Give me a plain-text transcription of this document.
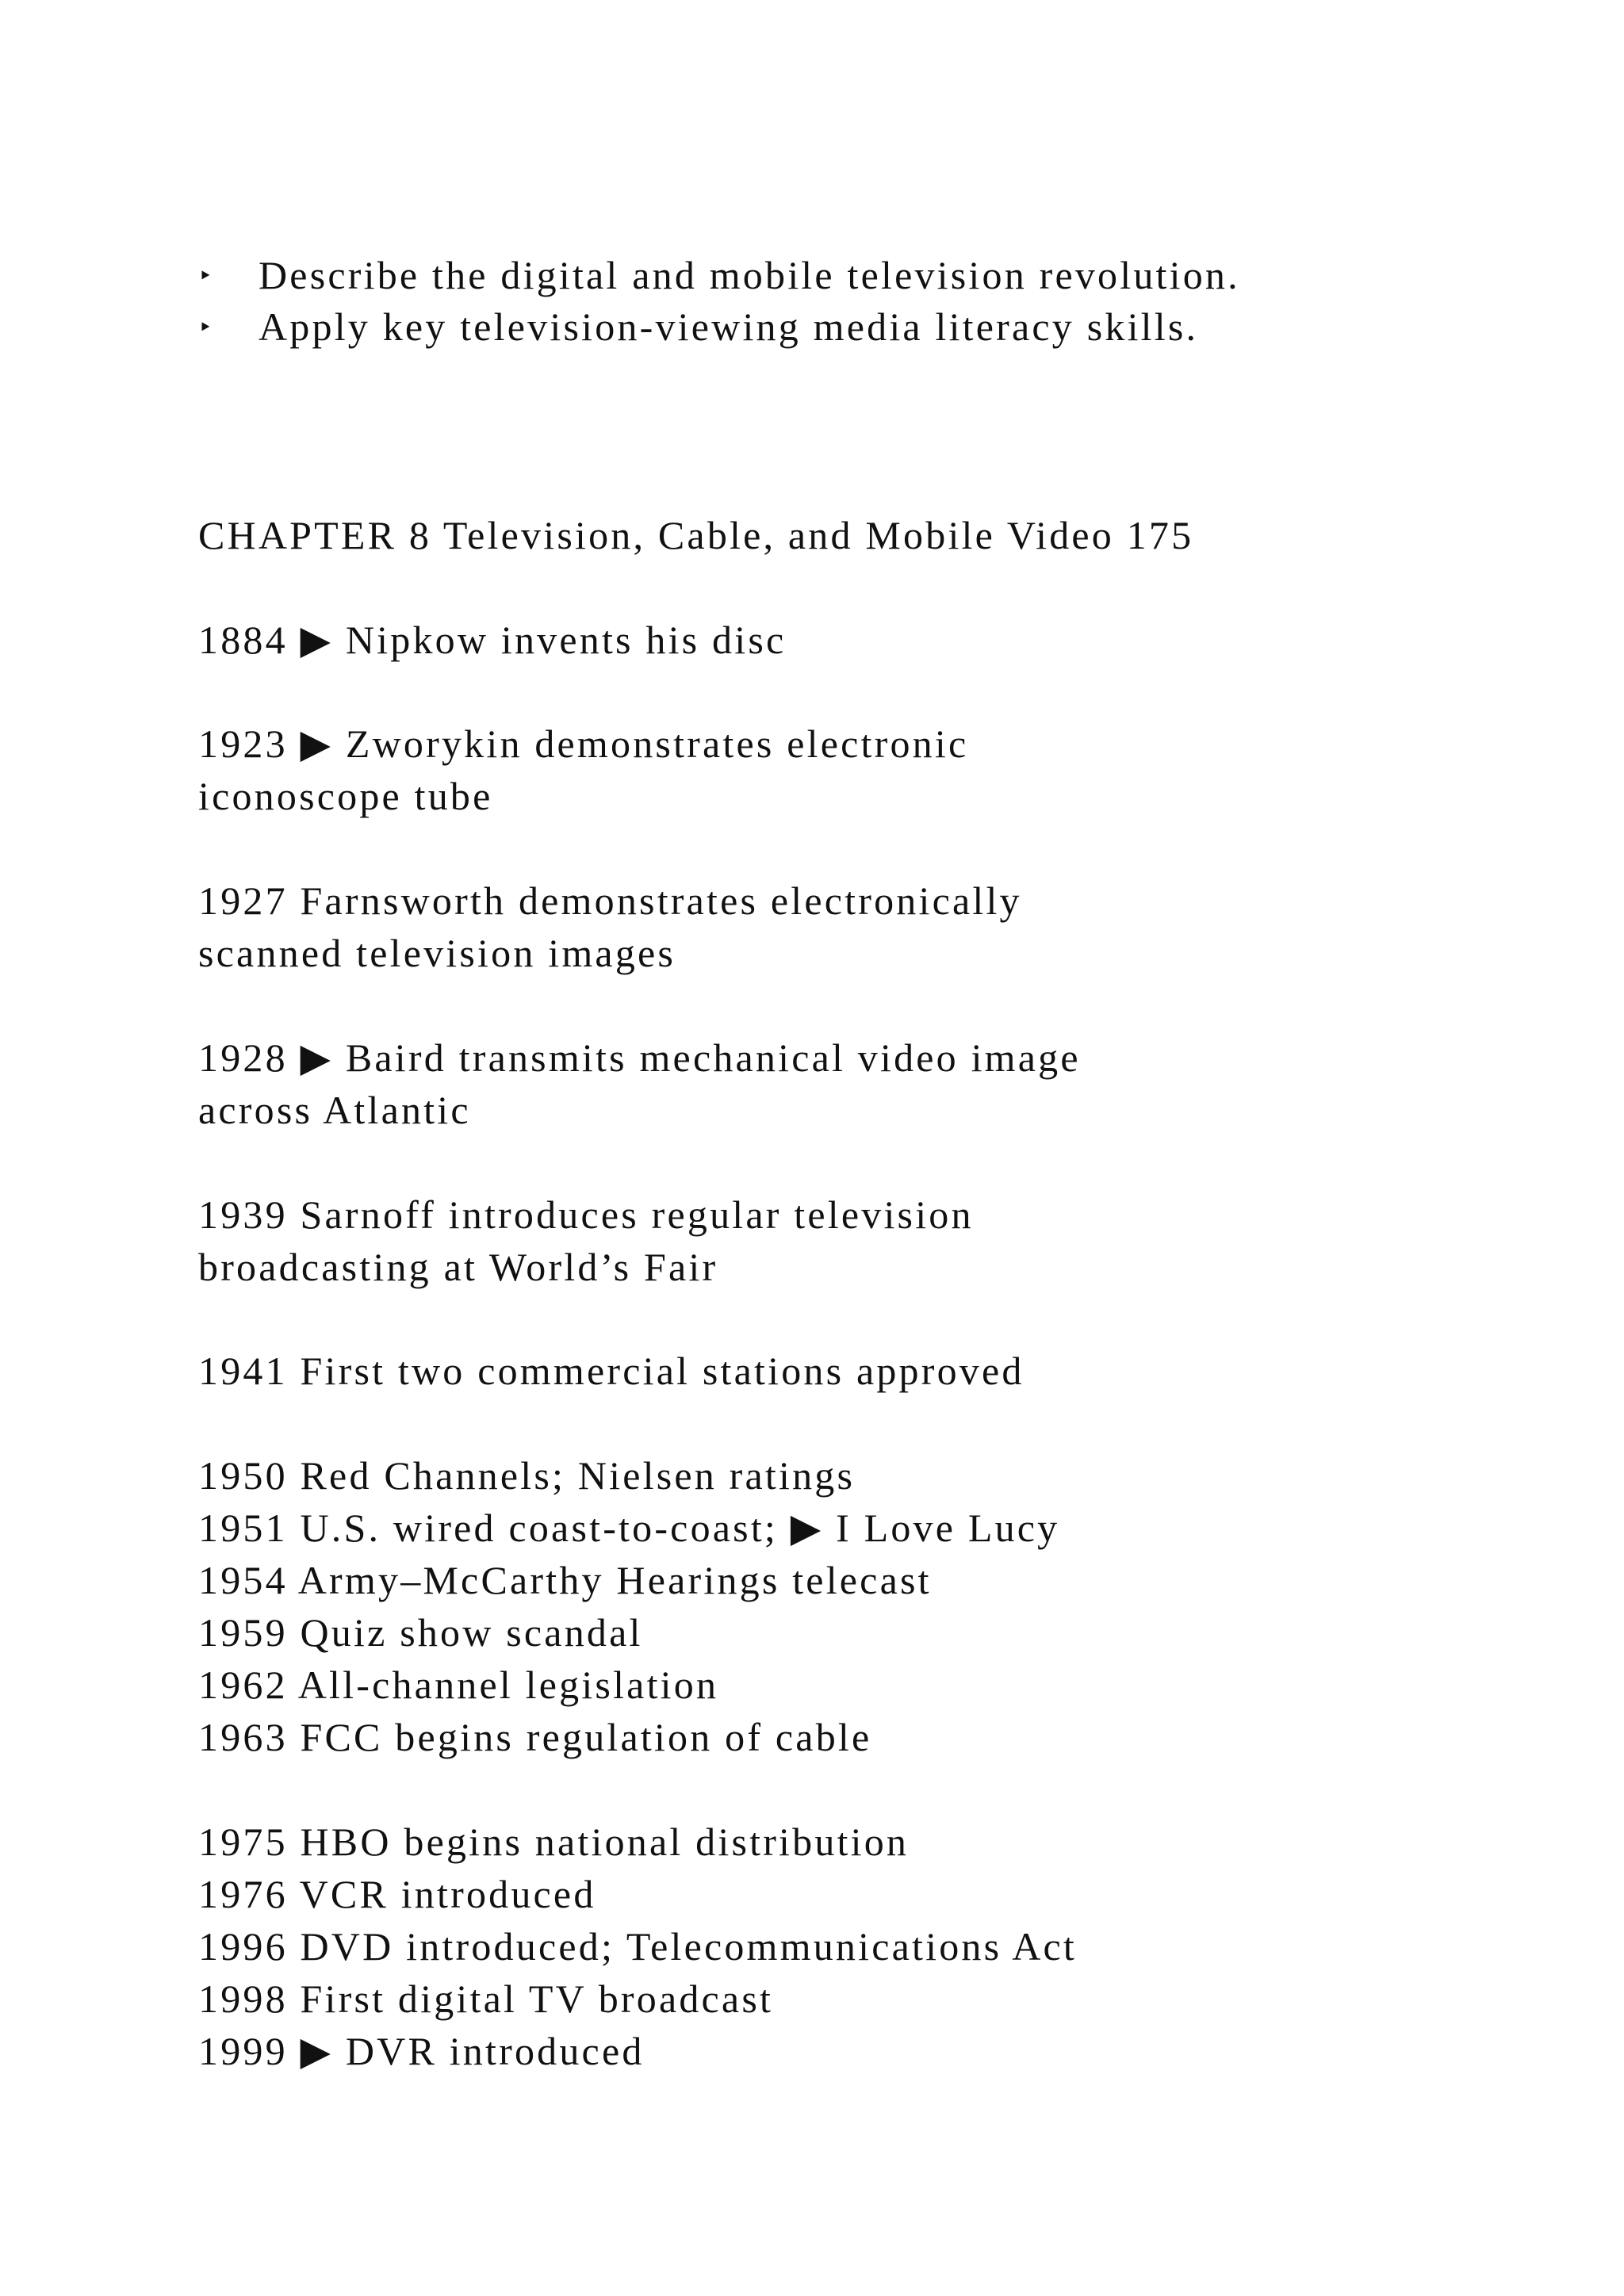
‣ Describe the digital and mobile television revolution.
‣ Apply key television-viewing media literacy skills.
CHAPTER 8 Television, Cable, and Mobile Video 175
1884 ▶ Nipkow invents his disc
1923 ▶ Zworykin demonstrates electronic
iconoscope tube
1927 Farnsworth demonstrates electronically
scanned television images
1928 ▶ Baird transmits mechanical video image
across Atlantic
1939 Sarnoff introduces regular television
broadcasting at World’s Fair
1941 First two commercial stations approved
1950 Red Channels; Nielsen ratings
1951 U.S. wired coast-to-coast; ▶ I Love Lucy
1954 Army–McCarthy Hearings telecast
1959 Quiz show scandal
1962 All-channel legislation
1963 FCC begins regulation of cable
1975 HBO begins national distribution
1976 VCR introduced
1996 DVD introduced; Telecommunications Act
1998 First digital TV broadcast
1999 ▶ DVR introduced
